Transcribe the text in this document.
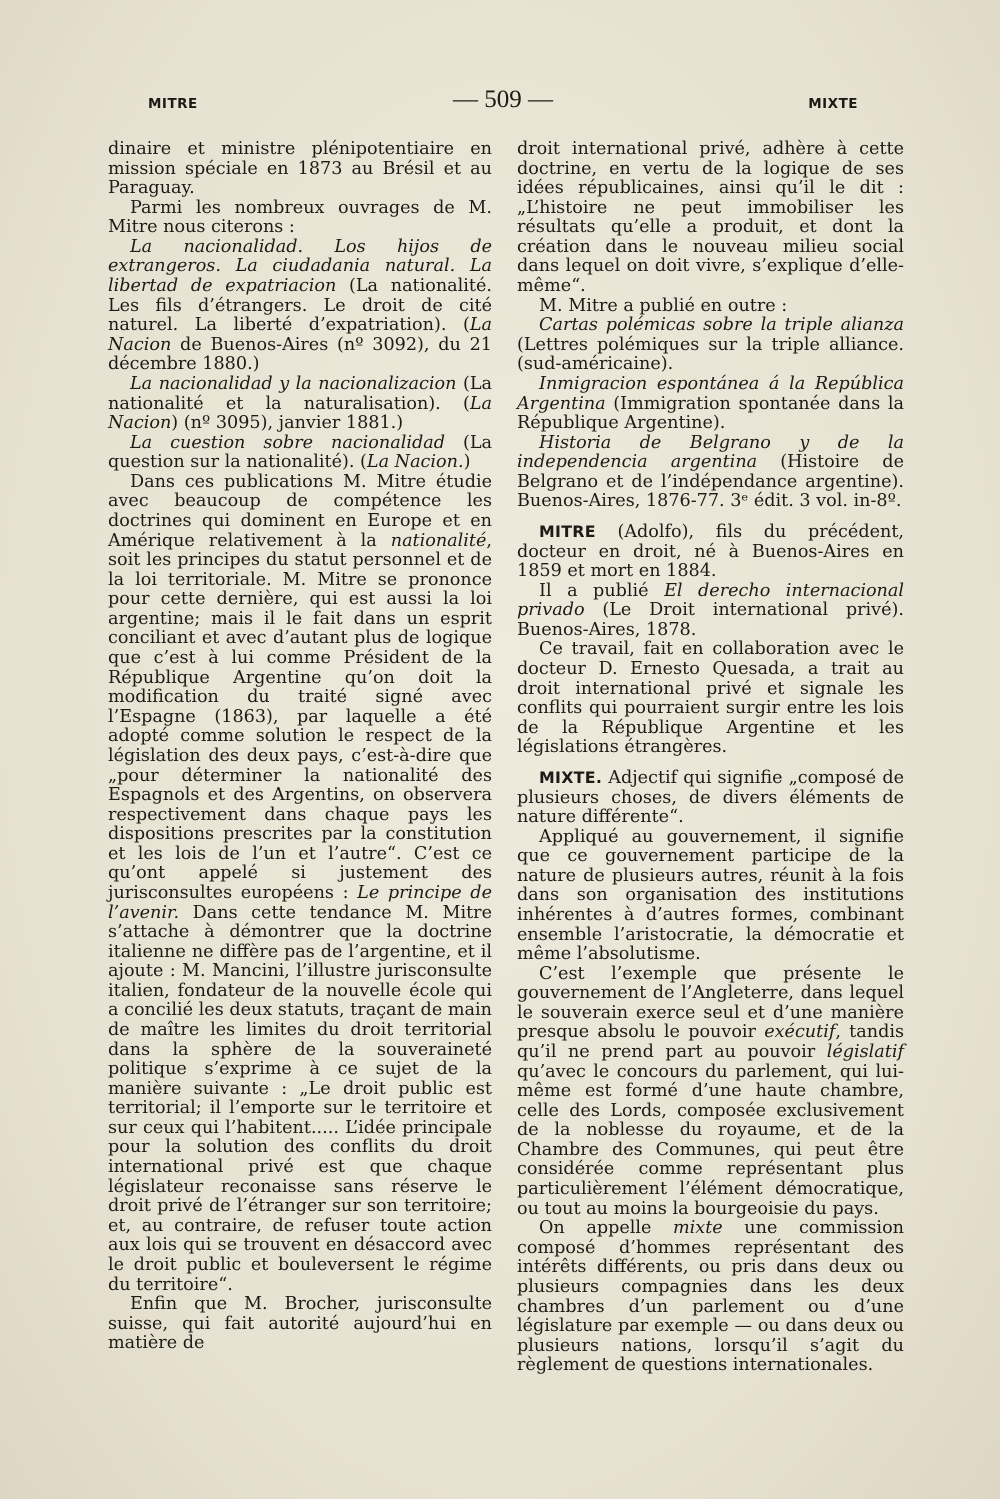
MITRE	— 509 —	MIXTE

dinaire et ministre plénipotentiaire en mission spéciale en 1873 au Brésil et au Paraguay.

Parmi les nombreux ouvrages de M. Mitre nous citerons :

La nacionalidad. Los hijos de extrangeros. La ciudadania natural. La libertad de expatriacion (La nationalité. Les fils d’étrangers. Le droit de cité naturel. La liberté d’expatriation). (La Nacion de Buenos-Aires (nº 3092), du 21 décembre 1880.)

La nacionalidad y la nacionalizacion (La nationalité et la naturalisation). (La Nacion) (nº 3095), janvier 1881.)

La cuestion sobre nacionalidad (La question sur la nationalité). (La Nacion.)

Dans ces publications M. Mitre étudie avec beaucoup de compétence les doctrines qui dominent en Europe et en Amérique relativement à la nationalité, soit les principes du statut personnel et de la loi territoriale. M. Mitre se prononce pour cette dernière, qui est aussi la loi argentine; mais il le fait dans un esprit conciliant et avec d’autant plus de logique que c’est à lui comme Président de la République Argentine qu’on doit la modification du traité signé avec l’Espagne (1863), par laquelle a été adopté comme solution le respect de la législation des deux pays, c’est-à-dire que „pour déterminer la nationalité des Espagnols et des Argentins, on observera respectivement dans chaque pays les dispositions prescrites par la constitution et les lois de l’un et l’autre“. C’est ce qu’ont appelé si justement des jurisconsultes européens : Le principe de l’avenir. Dans cette tendance M. Mitre s’attache à démontrer que la doctrine italienne ne diffère pas de l’argentine, et il ajoute : M. Mancini, l’illustre jurisconsulte italien, fondateur de la nouvelle école qui a concilié les deux statuts, traçant de main de maître les limites du droit territorial dans la sphère de la souveraineté politique s’exprime à ce sujet de la manière suivante : „Le droit public est territorial; il l’emporte sur le territoire et sur ceux qui l’habitent..... L’idée principale pour la solution des conflits du droit international privé est que chaque législateur reconaisse sans réserve le droit privé de l’étranger sur son territoire; et, au contraire, de refuser toute action aux lois qui se trouvent en désaccord avec le droit public et bouleversent le régime du territoire“.

Enfin que M. Brocher, jurisconsulte suisse, qui fait autorité aujourd’hui en matière de

droit international privé, adhère à cette doctrine, en vertu de la logique de ses idées républicaines, ainsi qu’il le dit : „L’histoire ne peut immobiliser les résultats qu’elle a produit, et dont la création dans le nouveau milieu social dans lequel on doit vivre, s’explique d’elle-même“.

M. Mitre a publié en outre :

Cartas polémicas sobre la triple alianza (Lettres polémiques sur la triple alliance. (sud-américaine).

Inmigracion espontánea á la República Argentina (Immigration spontanée dans la République Argentine).

Historia de Belgrano y de la independencia argentina (Histoire de Belgrano et de l’indépendance argentine). Buenos-Aires, 1876-77. 3ᵉ édit. 3 vol. in-8º.

MITRE (Adolfo), fils du précédent, docteur en droit, né à Buenos-Aires en 1859 et mort en 1884.

Il a publié El derecho internacional privado (Le Droit international privé). Buenos-Aires, 1878.

Ce travail, fait en collaboration avec le docteur D. Ernesto Quesada, a trait au droit international privé et signale les conflits qui pourraient surgir entre les lois de la République Argentine et les législations étrangères.

MIXTE. Adjectif qui signifie „composé de plusieurs choses, de divers éléments de nature différente“.

Appliqué au gouvernement, il signifie que ce gouvernement participe de la nature de plusieurs autres, réunit à la fois dans son organisation des institutions inhérentes à d’autres formes, combinant ensemble l’aristocratie, la démocratie et même l’absolutisme.

C’est l’exemple que présente le gouvernement de l’Angleterre, dans lequel le souverain exerce seul et d’une manière presque absolu le pouvoir exécutif, tandis qu’il ne prend part au pouvoir législatif qu’avec le concours du parlement, qui lui-même est formé d’une haute chambre, celle des Lords, composée exclusivement de la noblesse du royaume, et de la Chambre des Communes, qui peut être considérée comme représentant plus particulièrement l’élément démocratique, ou tout au moins la bourgeoisie du pays.

On appelle mixte une commission composé d’hommes représentant des intérêts différents, ou pris dans deux ou plusieurs compagnies dans les deux chambres d’un parlement ou d’une législature par exemple — ou dans deux ou plusieurs nations, lorsqu’il s’agit du règlement de questions internationales.
